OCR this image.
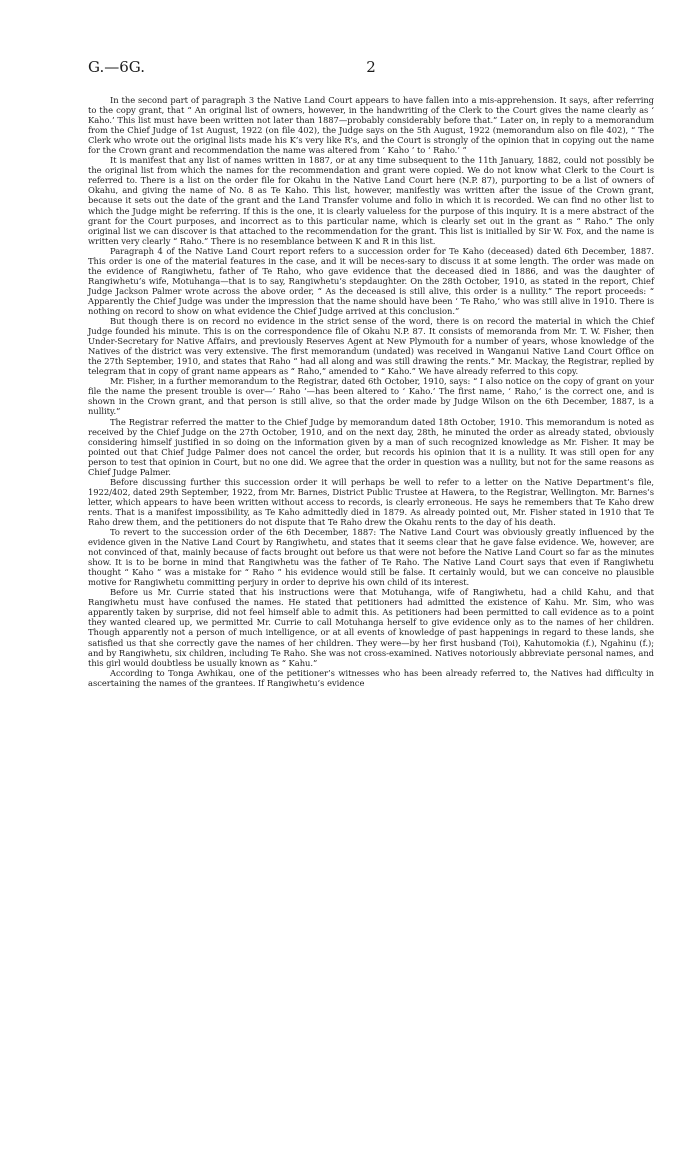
G.—6G.	2

In the second part of paragraph 3 the Native Land Court appears to have fallen into a mis-apprehension. It says, after referring to the copy grant, that “ An original list of owners, however, in the handwriting of the Clerk to the Court gives the name clearly as ‘ Kaho.’ This list must have been written not later than 1887—probably considerably before that.” Later on, in reply to a memorandum from the Chief Judge of 1st August, 1922 (on file 402), the Judge says on the 5th August, 1922 (memorandum also on file 402), “ The Clerk who wrote out the original lists made his K’s very like R’s, and the Court is strongly of the opinion that in copying out the name for the Crown grant and recommendation the name was altered from ‘ Kaho ’ to ‘ Raho.’ ”

It is manifest that any list of names written in 1887, or at any time subsequent to the 11th January, 1882, could not possibly be the original list from which the names for the recommendation and grant were copied. We do not know what Clerk to the Court is referred to. There is a list on the order file for Okahu in the Native Land Court here (N.P. 87), purporting to be a list of owners of Okahu, and giving the name of No. 8 as Te Kaho. This list, however, manifestly was written after the issue of the Crown grant, because it sets out the date of the grant and the Land Transfer volume and folio in which it is recorded. We can find no other list to which the Judge might be referring. If this is the one, it is clearly valueless for the purpose of this inquiry. It is a mere abstract of the grant for the Court purposes, and incorrect as to this particular name, which is clearly set out in the grant as “ Raho.” The only original list we can discover is that attached to the recommendation for the grant. This list is initialled by Sir W. Fox, and the name is written very clearly “ Raho.” There is no resemblance between K and R in this list.

Paragraph 4 of the Native Land Court report refers to a succession order for Te Kaho (deceased) dated 6th December, 1887. This order is one of the material features in the case, and it will be neces-sary to discuss it at some length. The order was made on the evidence of Rangiwhetu, father of Te Raho, who gave evidence that the deceased died in 1886, and was the daughter of Rangiwhetu’s wife, Motuhanga—that is to say, Rangiwhetu’s stepdaughter. On the 28th October, 1910, as stated in the report, Chief Judge Jackson Palmer wrote across the above order, “ As the deceased is still alive, this order is a nullity.” The report proceeds: “ Apparently the Chief Judge was under the impression that the name should have been ‘ Te Raho,’ who was still alive in 1910. There is nothing on record to show on what evidence the Chief Judge arrived at this conclusion.”

But though there is on record no evidence in the strict sense of the word, there is on record the material in which the Chief Judge founded his minute. This is on the correspondence file of Okahu N.P. 87. It consists of memoranda from Mr. T. W. Fisher, then Under-Secretary for Native Affairs, and previously Reserves Agent at New Plymouth for a number of years, whose knowledge of the Natives of the district was very extensive. The first memorandum (undated) was received in Wanganui Native Land Court Office on the 27th September, 1910, and states that Raho “ had all along and was still drawing the rents.” Mr. Mackay, the Registrar, replied by telegram that in copy of grant name appears as “ Raho,” amended to “ Kaho.” We have already referred to this copy.

Mr. Fisher, in a further memorandum to the Registrar, dated 6th October, 1910, says: “ I also notice on the copy of grant on your file the name the present trouble is over—‘ Raho ’—has been altered to ‘ Kaho.’ The first name, ‘ Raho,’ is the correct one, and is shown in the Crown grant, and that person is still alive, so that the order made by Judge Wilson on the 6th December, 1887, is a nullity.”

The Registrar referred the matter to the Chief Judge by memorandum dated 18th October, 1910. This memorandum is noted as received by the Chief Judge on the 27th October, 1910, and on the next day, 28th, he minuted the order as already stated, obviously considering himself justified in so doing on the information given by a man of such recognized knowledge as Mr. Fisher. It may be pointed out that Chief Judge Palmer does not cancel the order, but records his opinion that it is a nullity. It was still open for any person to test that opinion in Court, but no one did. We agree that the order in question was a nullity, but not for the same reasons as Chief Judge Palmer.

Before discussing further this succession order it will perhaps be well to refer to a letter on the Native Department’s file, 1922/402, dated 29th September, 1922, from Mr. Barnes, District Public Trustee at Hawera, to the Registrar, Wellington. Mr. Barnes’s letter, which appears to have been written without access to records, is clearly erroneous. He says he remembers that Te Kaho drew rents. That is a manifest impossibility, as Te Kaho admittedly died in 1879. As already pointed out, Mr. Fisher stated in 1910 that Te Raho drew them, and the petitioners do not dispute that Te Raho drew the Okahu rents to the day of his death.

To revert to the succession order of the 6th December, 1887: The Native Land Court was obviously greatly influenced by the evidence given in the Native Land Court by Rangiwhetu, and states that it seems clear that he gave false evidence. We, however, are not convinced of that, mainly because of facts brought out before us that were not before the Native Land Court so far as the minutes show. It is to be borne in mind that Rangiwhetu was the father of Te Raho. The Native Land Court says that even if Rangiwhetu thought “ Kaho ” was a mistake for “ Raho ” his evidence would still be false. It certainly would, but we can conceive no plausible motive for Rangiwhetu committing perjury in order to deprive his own child of its interest.

Before us Mr. Currie stated that his instructions were that Motuhanga, wife of Rangiwhetu, had a child Kahu, and that Rangiwhetu must have confused the names. He stated that petitioners had admitted the existence of Kahu. Mr. Sim, who was apparently taken by surprise, did not feel himself able to admit this. As petitioners had been permitted to call evidence as to a point they wanted cleared up, we permitted Mr. Currie to call Motuhanga herself to give evidence only as to the names of her children. Though apparently not a person of much intelligence, or at all events of knowledge of past happenings in regard to these lands, she satisfied us that she correctly gave the names of her children. They were—by her first husband (Toi), Kahutomokia (f.), Ngahinu (f.); and by Rangiwhetu, six children, including Te Raho. She was not cross-examined. Natives notoriously abbreviate personal names, and this girl would doubtless be usually known as “ Kahu.”

According to Tonga Awhikau, one of the petitioner’s witnesses who has been already referred to, the Natives had difficulty in ascertaining the names of the grantees. If Rangiwhetu’s evidence
